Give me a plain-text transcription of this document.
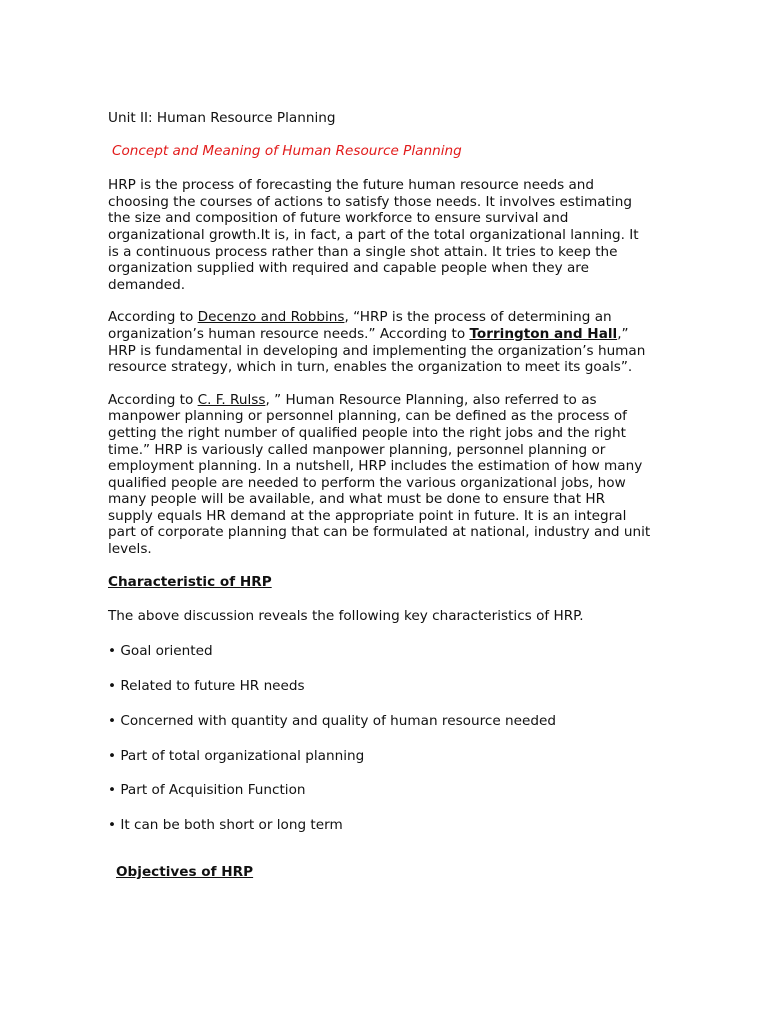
Unit II: Human Resource Planning
Concept and Meaning of Human Resource Planning

HRP is the process of forecasting the future human resource needs and
choosing the courses of actions to satisfy those needs. It involves estimating
the size and composition of future workforce to ensure survival and
organizational growth.It is, in fact, a part of the total organizational lanning. It
is a continuous process rather than a single shot attain. It tries to keep the
organization supplied with required and capable people when they are
demanded.

According to Decenzo and Robbins, “HRP is the process of determining an
organization’s human resource needs.” According to Torrington and Hall,”
HRP is fundamental in developing and implementing the organization’s human
resource strategy, which in turn, enables the organization to meet its goals”.

According to C. F. Rulss, ” Human Resource Planning, also referred to as
manpower planning or personnel planning, can be defined as the process of
getting the right number of qualified people into the right jobs and the right
time.” HRP is variously called manpower planning, personnel planning or
employment planning. In a nutshell, HRP includes the estimation of how many
qualified people are needed to perform the various organizational jobs, how
many people will be available, and what must be done to ensure that HR
supply equals HR demand at the appropriate point in future. It is an integral
part of corporate planning that can be formulated at national, industry and unit
levels.

Characteristic of HRP

The above discussion reveals the following key characteristics of HRP.

• Goal oriented
• Related to future HR needs
• Concerned with quantity and quality of human resource needed
• Part of total organizational planning
• Part of Acquisition Function
• It can be both short or long term
Objectives of HRP
